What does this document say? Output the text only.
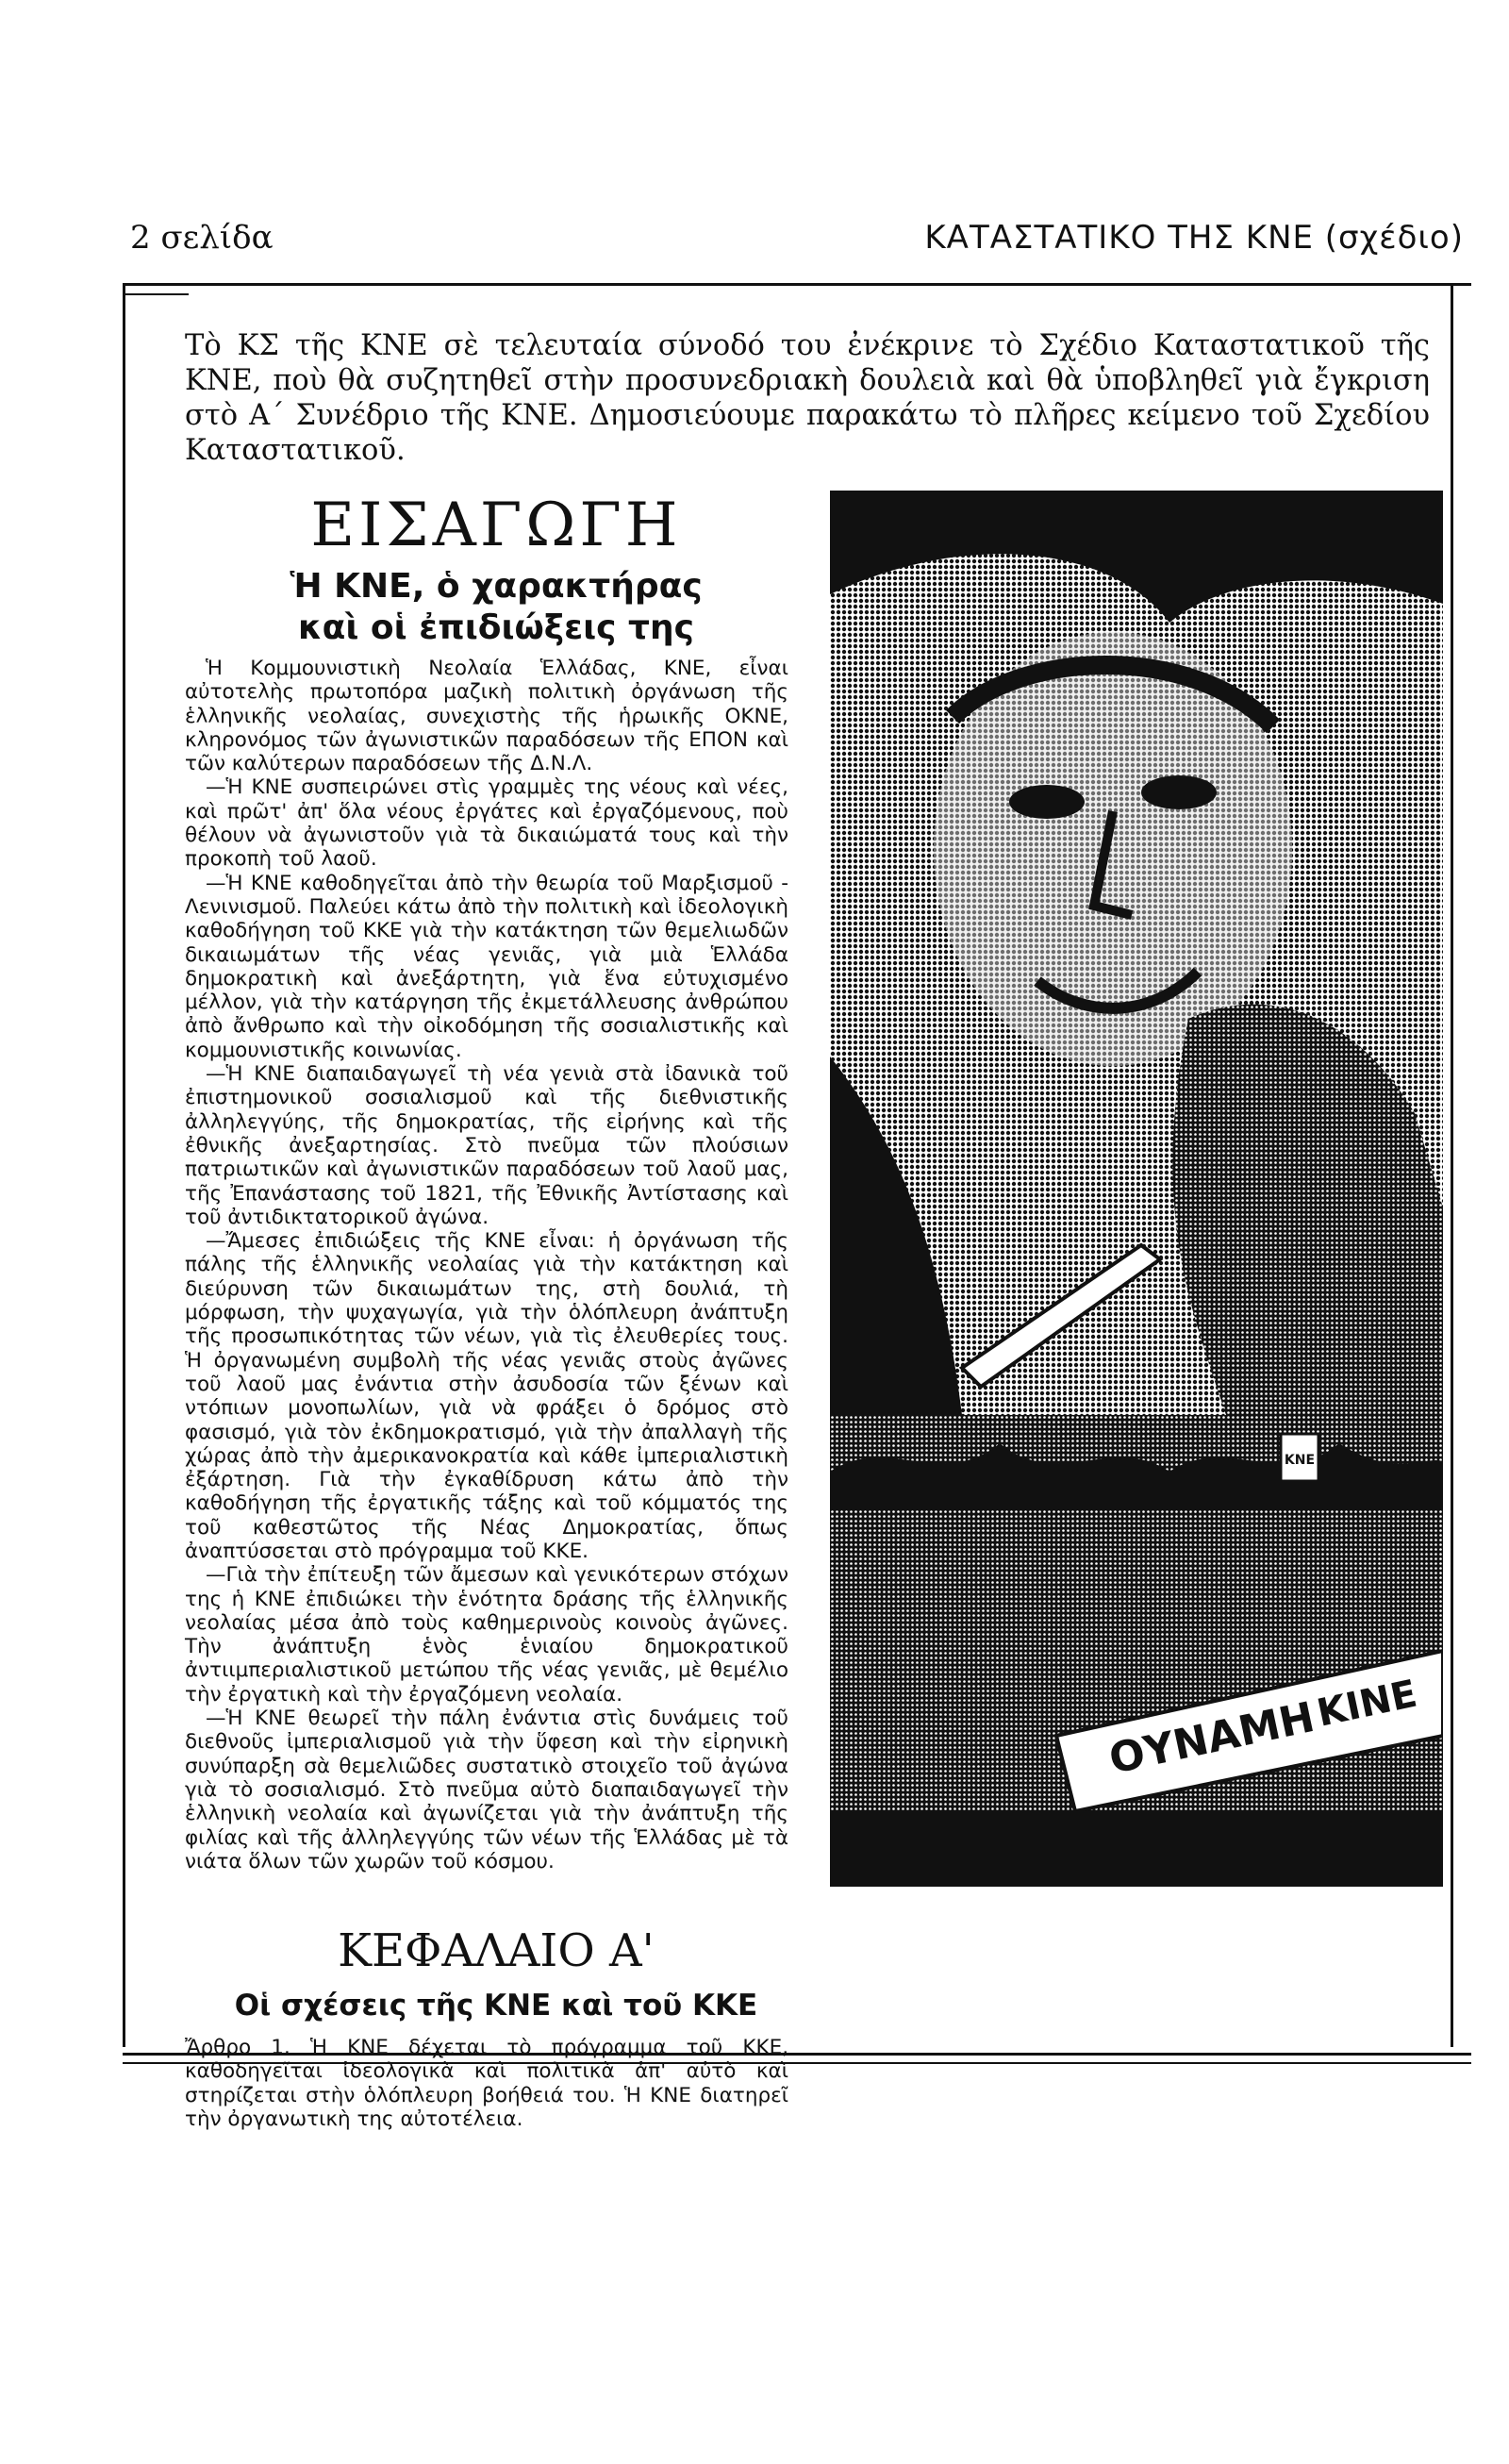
2 σελίδα	ΚΑΤΑΣΤΑΤΙΚΟ ΤΗΣ ΚΝΕ (σχέδιο)
Τὸ ΚΣ τῆς ΚΝΕ σὲ τελευταία σύνοδό του ἐνέκρινε τὸ Σχέδιο Καταστατικοῦ τῆς ΚΝΕ, ποὺ θὰ συζητηθεῖ στὴν προσυνεδριακὴ δουλειὰ καὶ θὰ ὑποβληθεῖ γιὰ ἔγκριση στὸ Α΄ Συνέδριο τῆς ΚΝΕ. Δημοσιεύουμε παρακάτω τὸ πλῆρες κείμενο τοῦ Σχεδίου Καταστατικοῦ.
ΕΙΣΑΓΩΓΗ
Ἡ ΚΝΕ, ὁ χαρακτήρας
καὶ οἱ ἐπιδιώξεις της

Ἡ Κομμουνιστικὴ Νεολαία Ἑλλάδας, ΚΝΕ, εἶναι αὐτοτελὴς πρωτοπόρα μαζικὴ πολιτικὴ ὀργάνωση τῆς ἑλληνικῆς νεολαίας, συνεχιστὴς τῆς ἡρωικῆς ΟΚΝΕ, κληρονόμος τῶν ἀγωνιστικῶν παραδόσεων τῆς ΕΠΟΝ καὶ τῶν καλύτερων παραδόσεων τῆς Δ.Ν.Λ.

—Ἡ ΚΝΕ συσπειρώνει στὶς γραμμὲς της νέους καὶ νέες, καὶ πρῶτ' ἀπ' ὅλα νέους ἐργάτες καὶ ἐργαζόμενους, ποὺ θέλουν νὰ ἀγωνιστοῦν γιὰ τὰ δικαιώματά τους καὶ τὴν προκοπὴ τοῦ λαοῦ.

—Ἡ ΚΝΕ καθοδηγεῖται ἀπὸ τὴν θεωρία τοῦ Μαρξισμοῦ - Λενινισμοῦ. Παλεύει κάτω ἀπὸ τὴν πολιτικὴ καὶ ἰδεολογικὴ καθοδήγηση τοῦ ΚΚΕ γιὰ τὴν κατάκτηση τῶν θεμελιωδῶν δικαιωμάτων τῆς νέας γενιᾶς, γιὰ μιὰ Ἑλλάδα δημοκρατικὴ καὶ ἀνεξάρτητη, γιὰ ἕνα εὐτυχισμένο μέλλον, γιὰ τὴν κατάργηση τῆς ἐκμετάλλευσης ἀνθρώπου ἀπὸ ἄνθρωπο καὶ τὴν οἰκοδόμηση τῆς σοσιαλιστικῆς καὶ κομμουνιστικῆς κοινωνίας.

—Ἡ ΚΝΕ διαπαιδαγωγεῖ τὴ νέα γενιὰ στὰ ἰδανικὰ τοῦ ἐπιστημονικοῦ σοσιαλισμοῦ καὶ τῆς διεθνιστικῆς ἀλληλεγγύης, τῆς δημοκρατίας, τῆς εἰρήνης καὶ τῆς ἐθνικῆς ἀνεξαρτησίας. Στὸ πνεῦμα τῶν πλούσιων πατριωτικῶν καὶ ἀγωνιστικῶν παραδόσεων τοῦ λαοῦ μας, τῆς Ἐπανάστασης τοῦ 1821, τῆς Ἐθνικῆς Ἀντίστασης καὶ τοῦ ἀντιδικτατορικοῦ ἀγώνα.

—Ἄμεσες ἐπιδιώξεις τῆς ΚΝΕ εἶναι: ἡ ὀργάνωση τῆς πάλης τῆς ἑλληνικῆς νεολαίας γιὰ τὴν κατάκτηση καὶ διεύρυνση τῶν δικαιωμάτων της, στὴ δουλιά, τὴ μόρφωση, τὴν ψυχαγωγία, γιὰ τὴν ὁλόπλευρη ἀνάπτυξη τῆς προσωπικότητας τῶν νέων, γιὰ τὶς ἐλευθερίες τους. Ἡ ὀργανωμένη συμβολὴ τῆς νέας γενιᾶς στοὺς ἀγῶνες τοῦ λαοῦ μας ἐνάντια στὴν ἀσυδοσία τῶν ξένων καὶ ντόπιων μονοπωλίων, γιὰ νὰ φράξει ὁ δρόμος στὸ φασισμό, γιὰ τὸν ἐκδημοκρατισμό, γιὰ τὴν ἀπαλλαγὴ τῆς χώρας ἀπὸ τὴν ἀμερικανοκρατία καὶ κάθε ἰμπεριαλιστικὴ ἐξάρτηση. Γιὰ τὴν ἐγκαθίδρυση κάτω ἀπὸ τὴν καθοδήγηση τῆς ἐργατικῆς τάξης καὶ τοῦ κόμματός της τοῦ καθεστῶτος τῆς Νέας Δημοκρατίας, ὅπως ἀναπτύσσεται στὸ πρόγραμμα τοῦ ΚΚΕ.

—Γιὰ τὴν ἐπίτευξη τῶν ἄμεσων καὶ γενικότερων στόχων της ἡ ΚΝΕ ἐπιδιώκει τὴν ἑνότητα δράσης τῆς ἑλληνικῆς νεολαίας μέσα ἀπὸ τοὺς καθημερινοὺς κοινοὺς ἀγῶνες. Τὴν ἀνάπτυξη ἑνὸς ἑνιαίου δημοκρατικοῦ ἀντιιμπεριαλιστικοῦ μετώπου τῆς νέας γενιᾶς, μὲ θεμέλιο τὴν ἐργατικὴ καὶ τὴν ἐργαζόμενη νεολαία.

—Ἡ ΚΝΕ θεωρεῖ τὴν πάλη ἐνάντια στὶς δυνάμεις τοῦ διεθνοῦς ἰμπεριαλισμοῦ γιὰ τὴν ὕφεση καὶ τὴν εἰρηνικὴ συνύπαρξη σὰ θεμελιῶδες συστατικὸ στοιχεῖο τοῦ ἀγώνα γιὰ τὸ σοσιαλισμό. Στὸ πνεῦμα αὐτὸ διαπαιδαγωγεῖ τὴν ἑλληνικὴ νεολαία καὶ ἀγωνίζεται γιὰ τὴν ἀνάπτυξη τῆς φιλίας καὶ τῆς ἀλληλεγγύης τῶν νέων τῆς Ἑλλάδας μὲ τὰ νιάτα ὅλων τῶν χωρῶν τοῦ κόσμου.

ΚΕΦΑΛΑΙΟ Α'
Οἱ σχέσεις τῆς ΚΝΕ καὶ τοῦ ΚΚΕ
Ἄρθρο 1. Ἡ ΚΝΕ δέχεται τὸ πρόγραμμα τοῦ ΚΚΕ, καθοδηγεῖται ἰδεολογικὰ καὶ πολιτικὰ ἀπ' αὐτὸ καὶ στηρίζεται στὴν ὁλόπλευρη βοήθειά του. Ἡ ΚΝΕ διατηρεῖ τὴν ὀργανωτικὴ της αὐτοτέλεια.
ΚΝΕ
ΟΥΝΑΜΗ
ΚΙΝΕ
